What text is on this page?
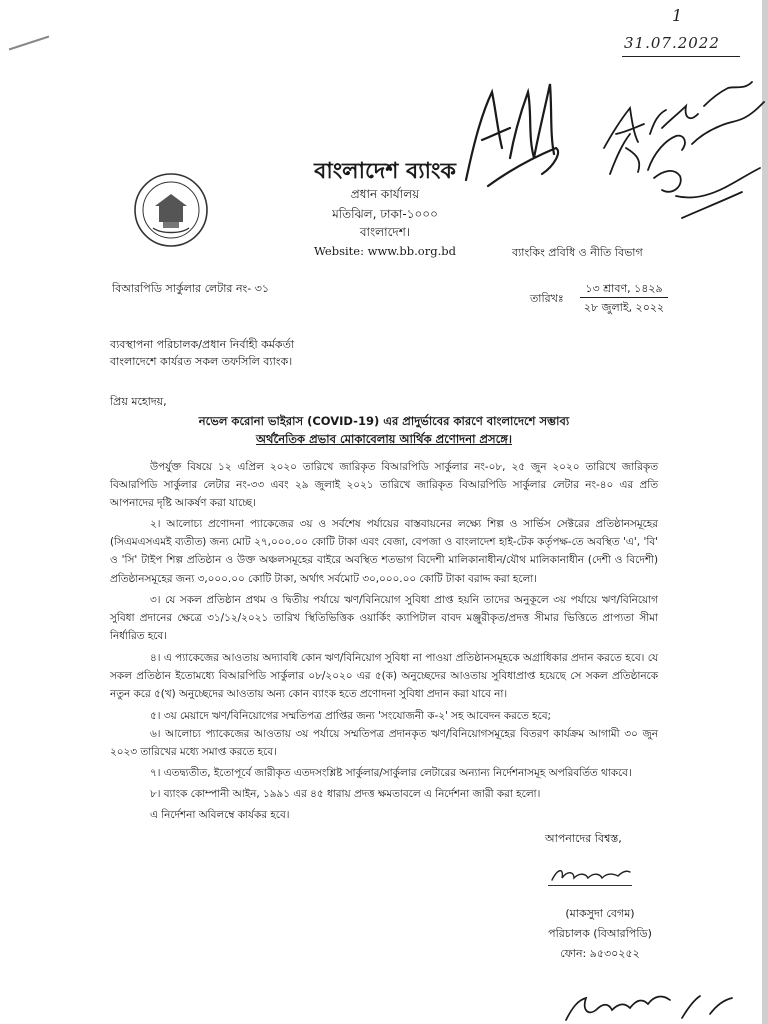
1
31.07.2022
বাংলাদেশ ব্যাংক
প্রধান কার্যালয়
মতিঝিল, ঢাকা-১০০০
বাংলাদেশ।
Website: www.bb.org.bd	ব্যাংকিং প্রবিধি ও নীতি বিভাগ
বিআরপিডি সার্কুলার লেটার নং- ৩১
তারিখঃ
১৩ শ্রাবণ, ১৪২৯
২৮ জুলাই, ২০২২
ব্যবস্থাপনা পরিচালক/প্রধান নির্বাহী কর্মকর্তা
বাংলাদেশে কার্যরত সকল তফসিলি ব্যাংক।
প্রিয় মহোদয়,
নভেল করোনা ভাইরাস (COVID-19) এর প্রাদুর্ভাবের কারণে বাংলাদেশে সম্ভাব্য
অর্থনৈতিক প্রভাব মোকাবেলায় আর্থিক প্রণোদনা প্রসঙ্গে।
উপর্যুক্ত বিষয়ে ১২ এপ্রিল ২০২০ তারিখে জারিকৃত বিআরপিডি সার্কুলার নং-০৮, ২৫ জুন ২০২০ তারিখে জারিকৃত বিআরপিডি সার্কুলার লেটার নং-৩৩ এবং ২৯ জুলাই ২০২১ তারিখে জারিকৃত বিআরপিডি সার্কুলার লেটার নং-৪০ এর প্রতি আপনাদের দৃষ্টি আকর্ষণ করা যাচ্ছে।
২। আলোচ্য প্রণোদনা প্যাকেজের ৩য় ও সর্বশেষ পর্যায়ের বাস্তবায়নের লক্ষ্যে শিল্প ও সার্ভিস সেক্টরের প্রতিষ্ঠানসমূহের (সিএমএসএমই ব্যতীত) জন্য মোট ২৭,০০০.০০ কোটি টাকা এবং বেজা, বেপজা ও বাংলাদেশ হাই-টেক কর্তৃপক্ষ-তে অবস্থিত 'এ', 'বি' ও 'সি' টাইপ শিল্প প্রতিষ্ঠান ও উক্ত অঞ্চলসমূহের বাইরে অবস্থিত শতভাগ বিদেশী মালিকানাধীন/যৌথ মালিকানাধীন (দেশী ও বিদেশী) প্রতিষ্ঠানসমূহের জন্য ৩,০০০.০০ কোটি টাকা, অর্থাৎ সর্বমোট ৩০,০০০.০০ কোটি টাকা বরাদ্দ করা হলো।
৩। যে সকল প্রতিষ্ঠান প্রথম ও দ্বিতীয় পর্যায়ে ঋণ/বিনিয়োগ সুবিধা প্রাপ্ত হয়নি তাদের অনুকূলে ৩য় পর্যায়ে ঋণ/বিনিয়োগ সুবিধা প্রদানের ক্ষেত্রে ৩১/১২/২০২১ তারিখ স্থিতিভিত্তিক ওয়ার্কিং ক্যাপিটাল বাবদ মঞ্জুরীকৃত/প্রদত্ত সীমার ভিত্তিতে প্রাপ্যতা সীমা নির্ধারিত হবে।
৪। এ প্যাকেজের আওতায় অদ্যাবধি কোন ঋণ/বিনিয়োগ সুবিধা না পাওয়া প্রতিষ্ঠানসমূহকে অগ্রাধিকার প্রদান করতে হবে। যে সকল প্রতিষ্ঠান ইতোমধ্যে বিআরপিডি সার্কুলার ০৮/২০২০ এর ৫(ক) অনুচ্ছেদের আওতায় সুবিধাপ্রাপ্ত হয়েছে সে সকল প্রতিষ্ঠানকে নতুন করে ৫(খ) অনুচ্ছেদের আওতায় অন্য কোন ব্যাংক হতে প্রণোদনা সুবিধা প্রদান করা যাবে না।
৫। ৩য় মেয়াদে ঋণ/বিনিয়োগের সম্মতিপত্র প্রাপ্তির জন্য 'সংযোজনী ক-২' সহ আবেদন করতে হবে;
৬। আলোচ্য প্যাকেজের আওতায় ৩য় পর্যায়ে সম্মতিপত্র প্রদানকৃত ঋণ/বিনিয়োগসমূহের বিতরণ কার্যক্রম আগামী ৩০ জুন ২০২৩ তারিখের মধ্যে সমাপ্ত করতে হবে।
৭। এতদ্ব্যতীত, ইতোপূর্বে জারীকৃত এতদসংশ্লিষ্ট সার্কুলার/সার্কুলার লেটারের অন্যান্য নির্দেশনাসমূহ অপরিবর্তিত থাকবে।
৮। ব্যাংক কোম্পানী আইন, ১৯৯১ এর ৪৫ ধারায় প্রদত্ত ক্ষমতাবলে এ নির্দেশনা জারী করা হলো।
এ নির্দেশনা অবিলম্বে কার্যকর হবে।
আপনাদের বিশ্বস্ত,
(মাকসুদা বেগম)
পরিচালক (বিআরপিডি)
ফোন: ৯৫৩০২৫২
